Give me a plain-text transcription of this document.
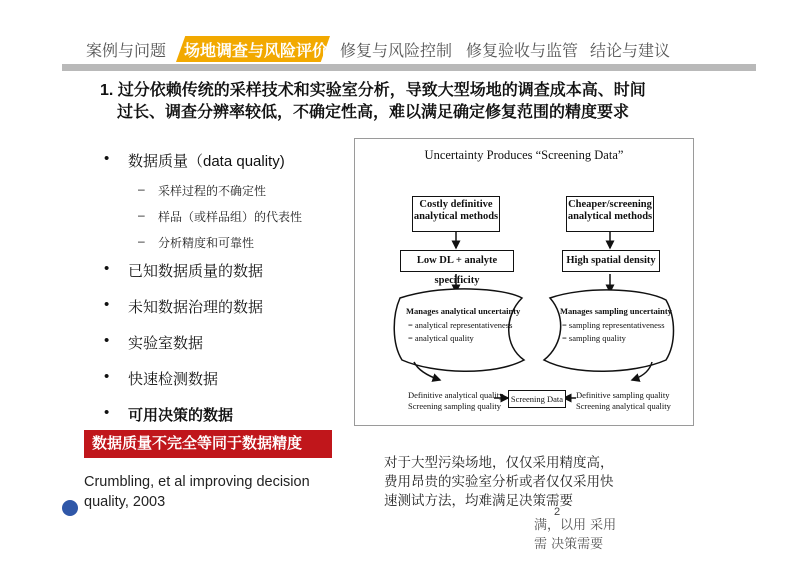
案例与问题 场地调查与风险评价 修复与风险控制 修复验收与监管 结论与建议
1. 过分依赖传统的采样技术和实验室分析，导致大型场地的调查成本高、时间
过长、调查分辨率较低，不确定性高，难以满足确定修复范围的精度要求
• 数据质量（data quality)
– 采样过程的不确定性
– 样品（或样品组）的代表性
– 分析精度和可靠性
• 已知数据质量的数据
• 未知数据治理的数据
• 实验室数据
• 快速检测数据
• 可用决策的数据
数据质量不完全等同于数据精度
Crumbling, et al improving decision
quality, 2003
Uncertainty Produces “Screening Data”
Costly definitive analytical methods
Cheaper/screening analytical methods
Low DL + analyte specificity
High spatial density
Manages analytical uncertainty
= analytical representativeness
= analytical quality
Manages sampling uncertainty
= sampling representativeness
= sampling quality
Definitive analytical quality
Screening sampling quality
Screening Data	Definitive sampling quality
Screening analytical quality
对于大型污染场地，仅仅采用精度高，
费用昂贵的实验室分析或者仅仅采用快
速测试方法，均难满足决策需要
2
满，以用 采用
需 决策需要
